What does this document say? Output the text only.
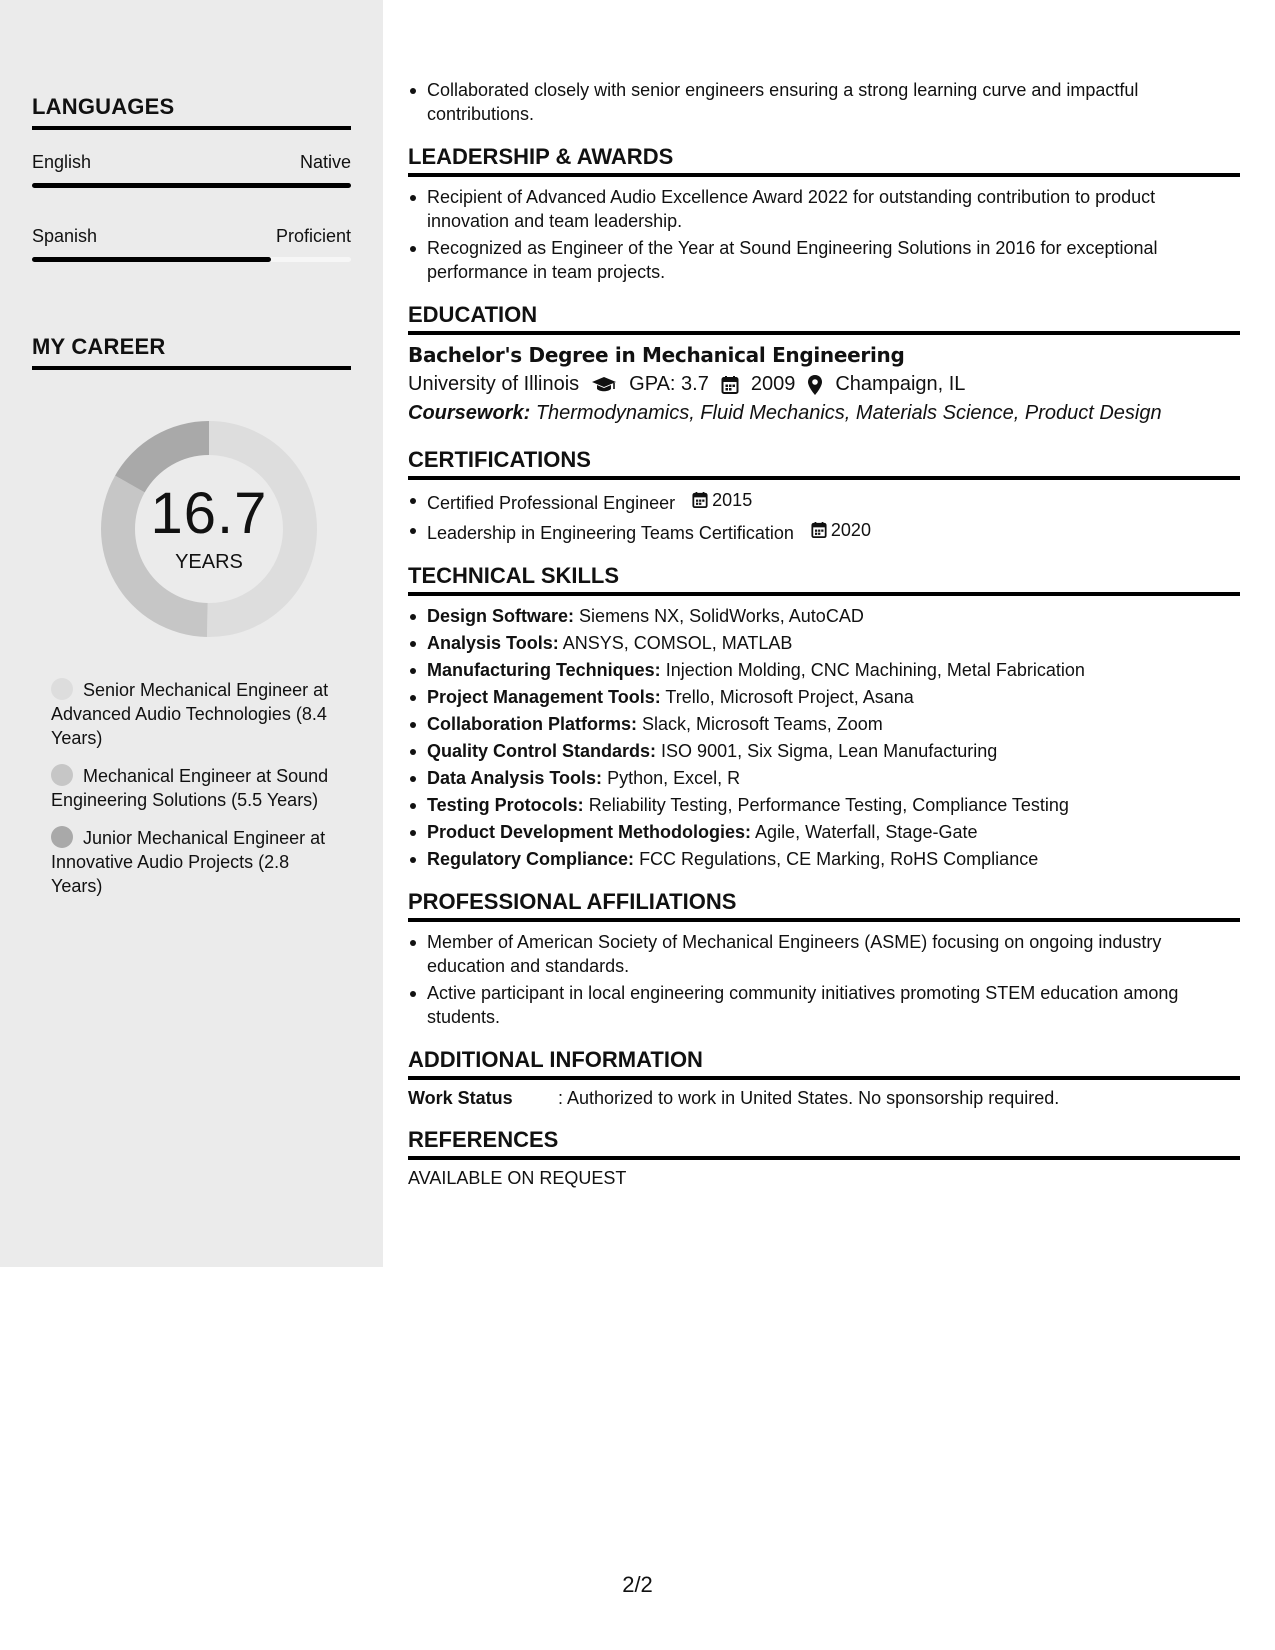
LANGUAGES
English	Native
Spanish	Proficient
MY CAREER
16.7
YEARS
Senior Mechanical Engineer at Advanced Audio Technologies (8.4 Years)
Mechanical Engineer at Sound Engineering Solutions (5.5 Years)
Junior Mechanical Engineer at Innovative Audio Projects (2.8 Years)
Collaborated closely with senior engineers ensuring a strong learning curve and impactful contributions.
LEADERSHIP & AWARDS
Recipient of Advanced Audio Excellence Award 2022 for outstanding contribution to product innovation and team leadership.
Recognized as Engineer of the Year at Sound Engineering Solutions in 2016 for exceptional performance in team projects.
EDUCATION
Bachelor's Degree in Mechanical Engineering
University of Illinois	GPA: 3.7 2009 Champaign, IL
Coursework: Thermodynamics, Fluid Mechanics, Materials Science, Product Design
CERTIFICATIONS
Certified Professional Engineer 2015
Leadership in Engineering Teams Certification 2020
TECHNICAL SKILLS
Design Software: Siemens NX, SolidWorks, AutoCAD
Analysis Tools: ANSYS, COMSOL, MATLAB
Manufacturing Techniques: Injection Molding, CNC Machining, Metal Fabrication
Project Management Tools: Trello, Microsoft Project, Asana
Collaboration Platforms: Slack, Microsoft Teams, Zoom
Quality Control Standards: ISO 9001, Six Sigma, Lean Manufacturing
Data Analysis Tools: Python, Excel, R
Testing Protocols: Reliability Testing, Performance Testing, Compliance Testing
Product Development Methodologies: Agile, Waterfall, Stage-Gate
Regulatory Compliance: FCC Regulations, CE Marking, RoHS Compliance
PROFESSIONAL AFFILIATIONS
Member of American Society of Mechanical Engineers (ASME) focusing on ongoing industry education and standards.
Active participant in local engineering community initiatives promoting STEM education among students.
ADDITIONAL INFORMATION
Work Status	: Authorized to work in United States. No sponsorship required.
REFERENCES
AVAILABLE ON REQUEST
2/2
